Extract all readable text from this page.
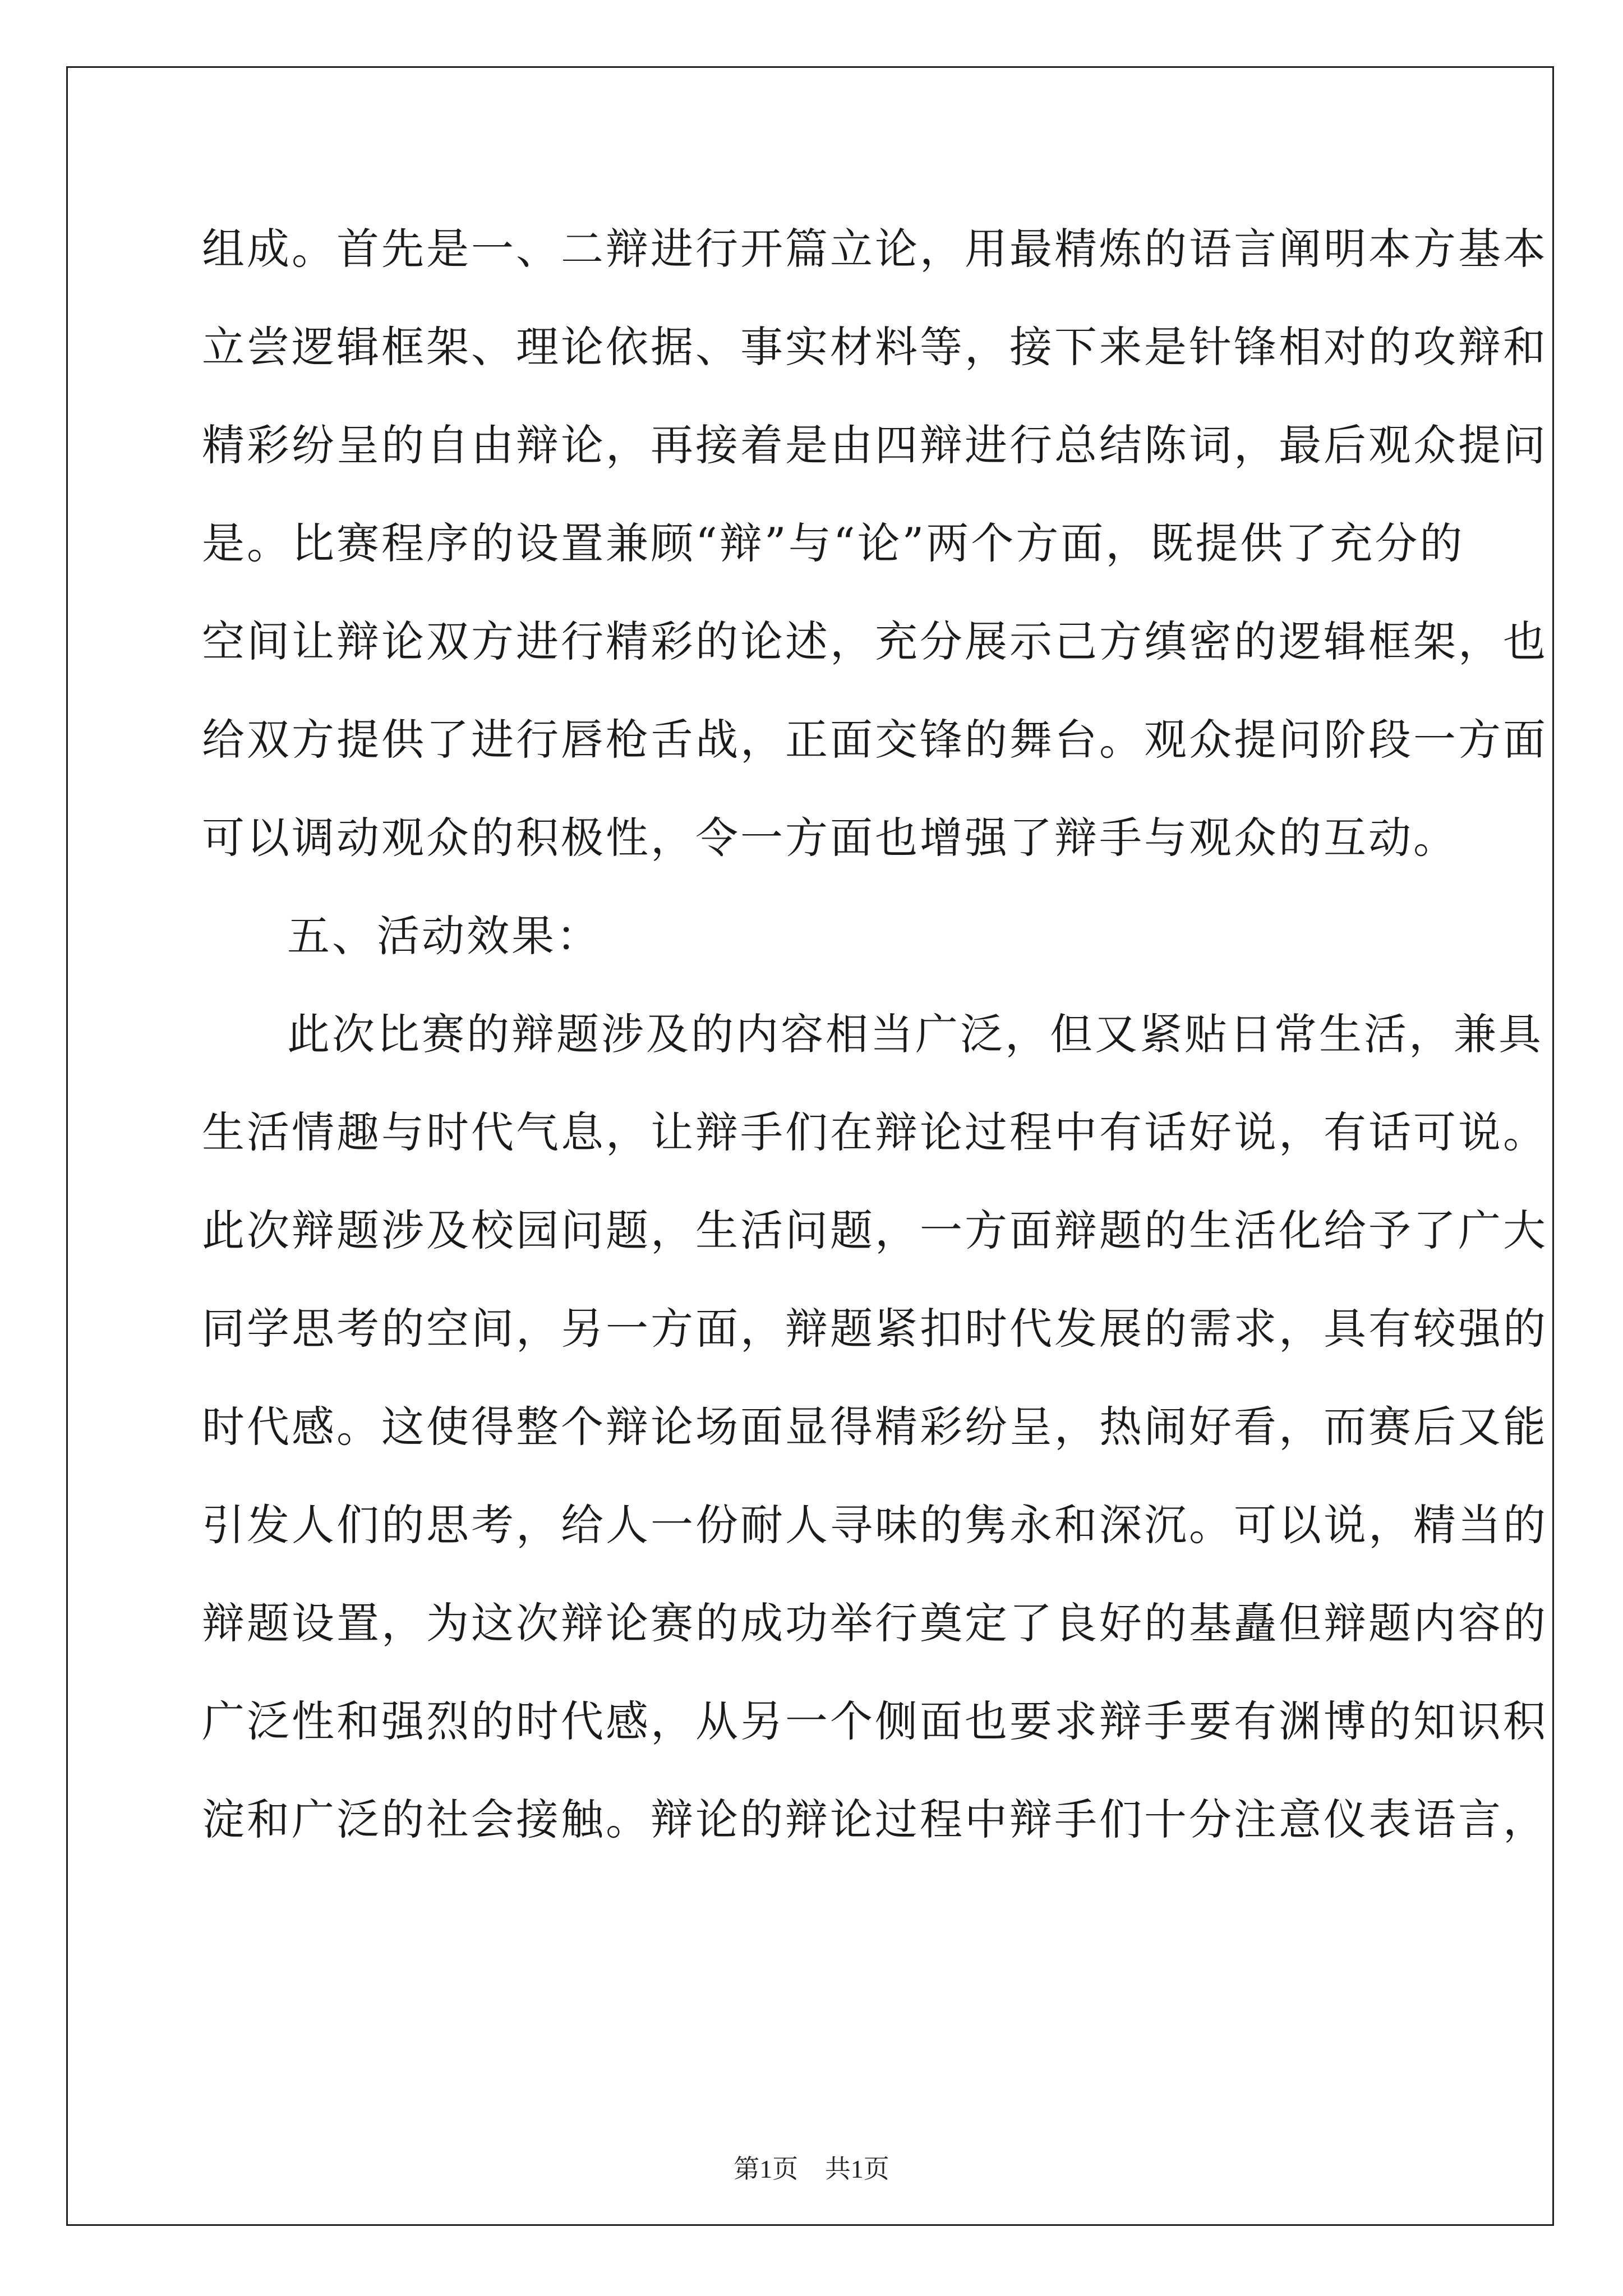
组成。首先是一、二辩进行开篇立论，用最精炼的语言阐明本方基本
立尝逻辑框架、理论依据、事实材料等，接下来是针锋相对的攻辩和
精彩纷呈的自由辩论，再接着是由四辩进行总结陈词，最后观众提问
是。比赛程序的设置兼顾“辩”与“论”两个方面，既提供了充分的
空间让辩论双方进行精彩的论述，充分展示己方缜密的逻辑框架，也
给双方提供了进行唇枪舌战，正面交锋的舞台。观众提问阶段一方面
可以调动观众的积极性，令一方面也增强了辩手与观众的互动。
五、活动效果：
此次比赛的辩题涉及的内容相当广泛，但又紧贴日常生活，兼具
生活情趣与时代气息，让辩手们在辩论过程中有话好说，有话可说。
此次辩题涉及校园问题，生活问题，一方面辩题的生活化给予了广大
同学思考的空间，另一方面，辩题紧扣时代发展的需求，具有较强的
时代感。这使得整个辩论场面显得精彩纷呈，热闹好看，而赛后又能
引发人们的思考，给人一份耐人寻味的隽永和深沉。可以说，精当的
辩题设置，为这次辩论赛的成功举行奠定了良好的基矗但辩题内容的
广泛性和强烈的时代感，从另一个侧面也要求辩手要有渊博的知识积
淀和广泛的社会接触。辩论的辩论过程中辩手们十分注意仪表语言，
第1页 共1页
